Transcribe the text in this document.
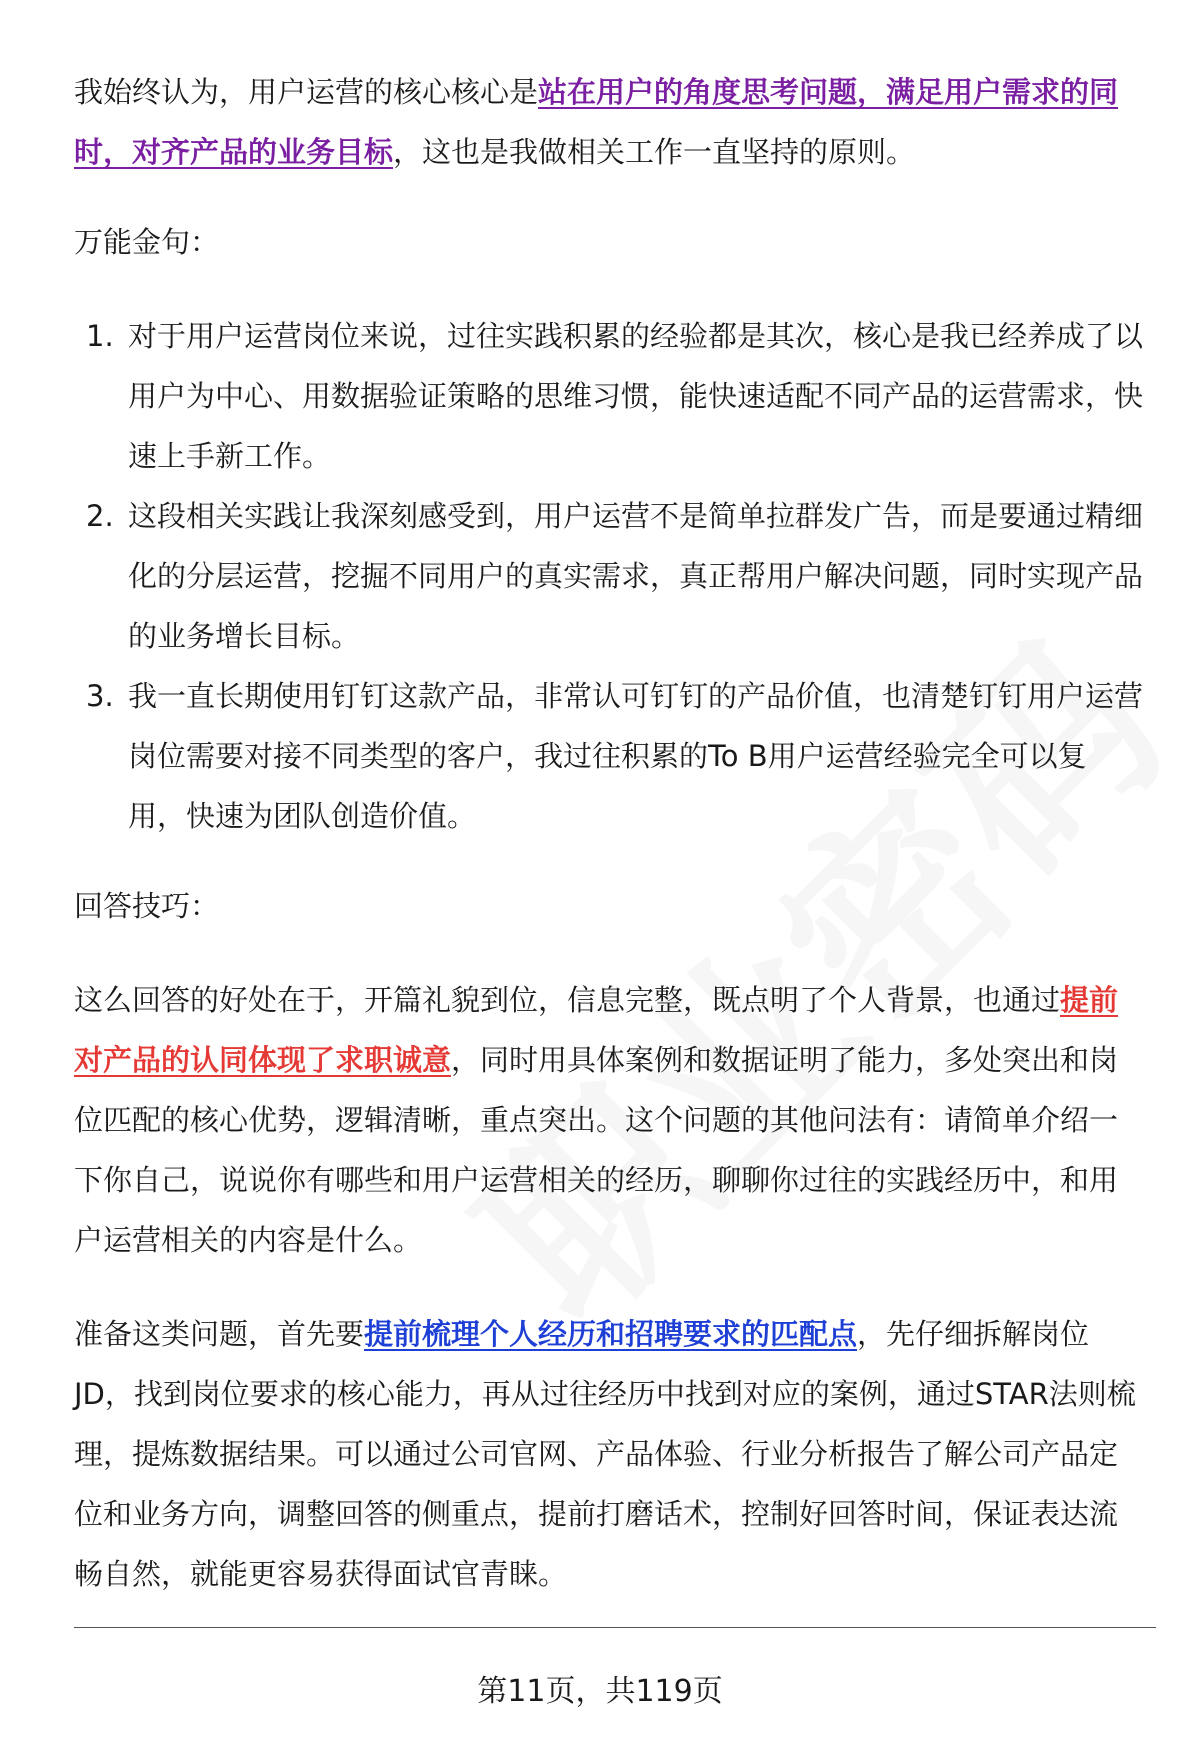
我始终认为，用户运营的核心核心是站在用户的角度思考问题，满足用户需求的同时，对齐产品的业务目标，这也是我做相关工作一直坚持的原则。

万能金句：

1. 对于用户运营岗位来说，过往实践积累的经验都是其次，核心是我已经养成了以用户为中心、用数据验证策略的思维习惯，能快速适配不同产品的运营需求，快速上手新工作。
2. 这段相关实践让我深刻感受到，用户运营不是简单拉群发广告，而是要通过精细化的分层运营，挖掘不同用户的真实需求，真正帮用户解决问题，同时实现产品的业务增长目标。
3. 我一直长期使用钉钉这款产品，非常认可钉钉的产品价值，也清楚钉钉用户运营岗位需要对接不同类型的客户，我过往积累的To B用户运营经验完全可以复用，快速为团队创造价值。

回答技巧：

这么回答的好处在于，开篇礼貌到位，信息完整，既点明了个人背景，也通过提前对产品的认同体现了求职诚意，同时用具体案例和数据证明了能力，多处突出和岗位匹配的核心优势，逻辑清晰，重点突出。这个问题的其他问法有：请简单介绍一下你自己，说说你有哪些和用户运营相关的经历，聊聊你过往的实践经历中，和用户运营相关的内容是什么。

准备这类问题，首先要提前梳理个人经历和招聘要求的匹配点，先仔细拆解岗位JD，找到岗位要求的核心能力，再从过往经历中找到对应的案例，通过STAR法则梳理，提炼数据结果。可以通过公司官网、产品体验、行业分析报告了解公司产品定位和业务方向，调整回答的侧重点，提前打磨话术，控制好回答时间，保证表达流畅自然，就能更容易获得面试官青睐。

第11页，共119页
